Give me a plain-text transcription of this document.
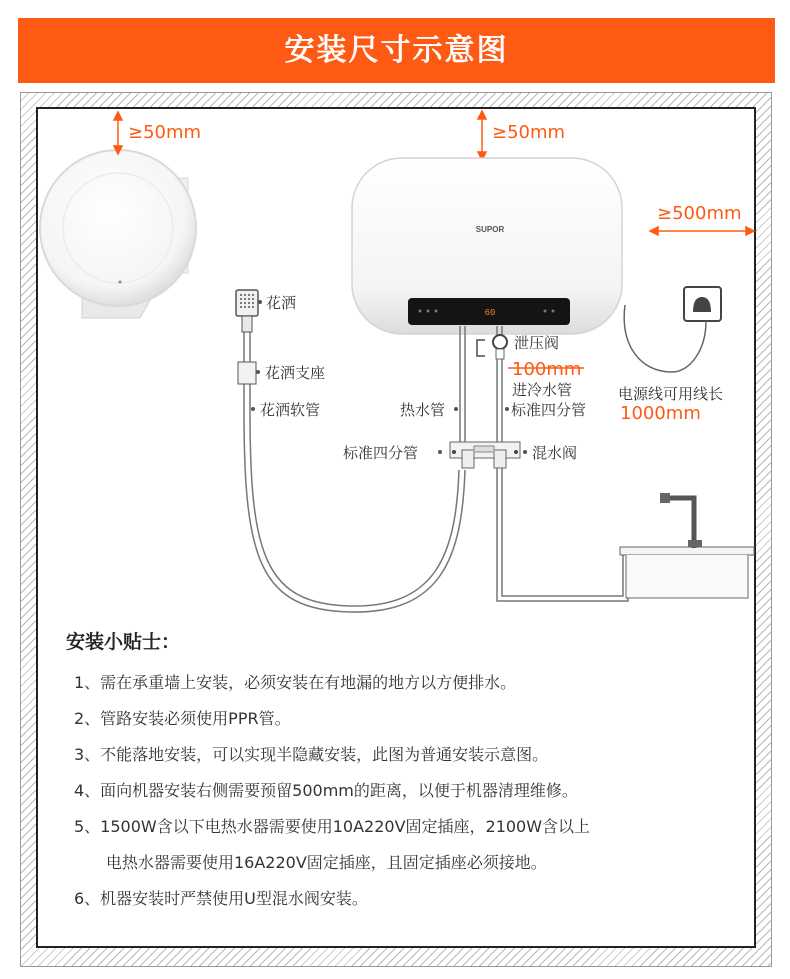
安装尺寸示意图
SUPOR
60
≥50mm	≥50mm
≥500mm
花洒
花洒支座
花洒软管
泄压阀
100mm
进冷水管
热水管	标准四分管
标准四分管	混水阀
电源线可用线长
1000mm
安装小贴士：
1、需在承重墙上安装，必须安装在有地漏的地方以方便排水。
2、管路安装必须使用PPR管。
3、不能落地安装，可以实现半隐藏安装，此图为普通安装示意图。
4、面向机器安装右侧需要预留500mm的距离，以便于机器清理维修。
5、1500W含以下电热水器需要使用10A220V固定插座，2100W含以上
电热水器需要使用16A220V固定插座，且固定插座必须接地。
6、机器安装时严禁使用U型混水阀安装。
